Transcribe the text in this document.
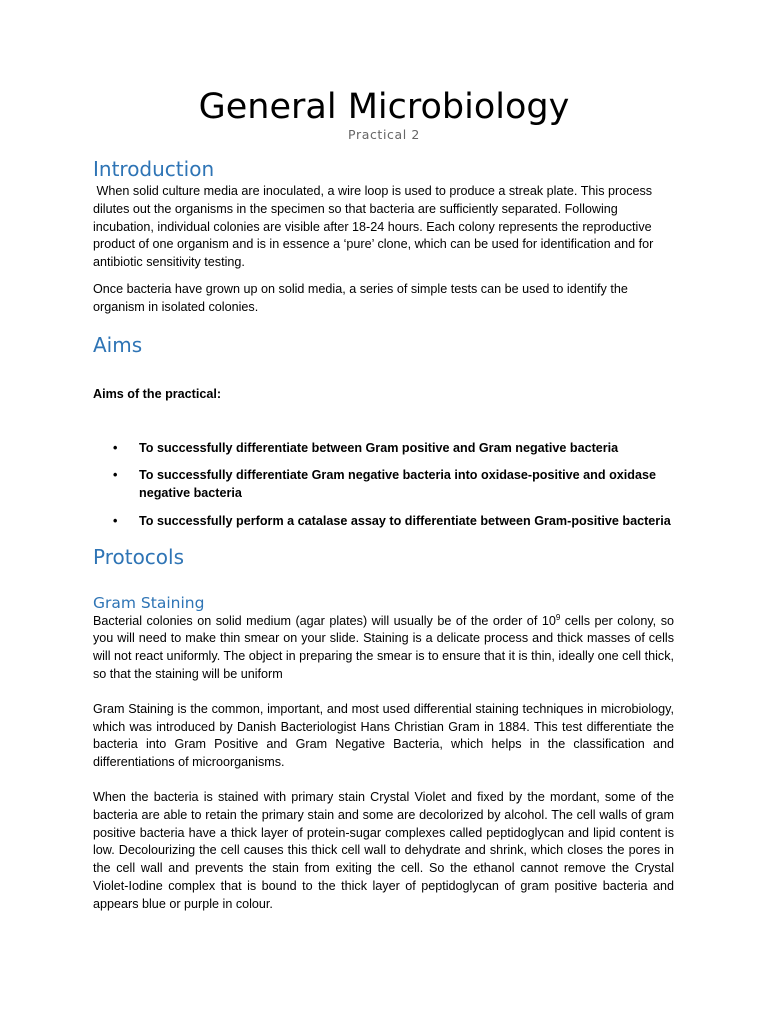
General Microbiology
Practical 2
Introduction

When solid culture media are inoculated, a wire loop is used to produce a streak plate. This process dilutes out the organisms in the specimen so that bacteria are sufficiently separated. Following incubation, individual colonies are visible after 18-24 hours. Each colony represents the reproductive product of one organism and is in essence a ‘pure’ clone, which can be used for identification and for antibiotic sensitivity testing.

Once bacteria have grown up on solid media, a series of simple tests can be used to identify the organism in isolated colonies.

Aims

Aims of the practical:

• To successfully differentiate between Gram positive and Gram negative bacteria
• To successfully differentiate Gram negative bacteria into oxidase-positive and oxidase negative bacteria
• To successfully perform a catalase assay to differentiate between Gram-positive bacteria
Protocols
Gram Staining

Bacterial colonies on solid medium (agar plates) will usually be of the order of $10^9$ cells per colony, so you will need to make thin smear on your slide. Staining is a delicate process and thick masses of cells will not react uniformly. The object in preparing the smear is to ensure that it is thin, ideally one cell thick, so that the staining will be uniform

Gram Staining is the common, important, and most used differential staining techniques in microbiology, which was introduced by Danish Bacteriologist Hans Christian Gram in 1884. This test differentiate the bacteria into Gram Positive and Gram Negative Bacteria, which helps in the classification and differentiations of microorganisms.

When the bacteria is stained with primary stain Crystal Violet and fixed by the mordant, some of the bacteria are able to retain the primary stain and some are decolorized by alcohol. The cell walls of gram positive bacteria have a thick layer of protein-sugar complexes called peptidoglycan and lipid content is low. Decolourizing the cell causes this thick cell wall to dehydrate and shrink, which closes the pores in the cell wall and prevents the stain from exiting the cell. So the ethanol cannot remove the Crystal Violet-Iodine complex that is bound to the thick layer of peptidoglycan of gram positive bacteria and appears blue or purple in colour.
